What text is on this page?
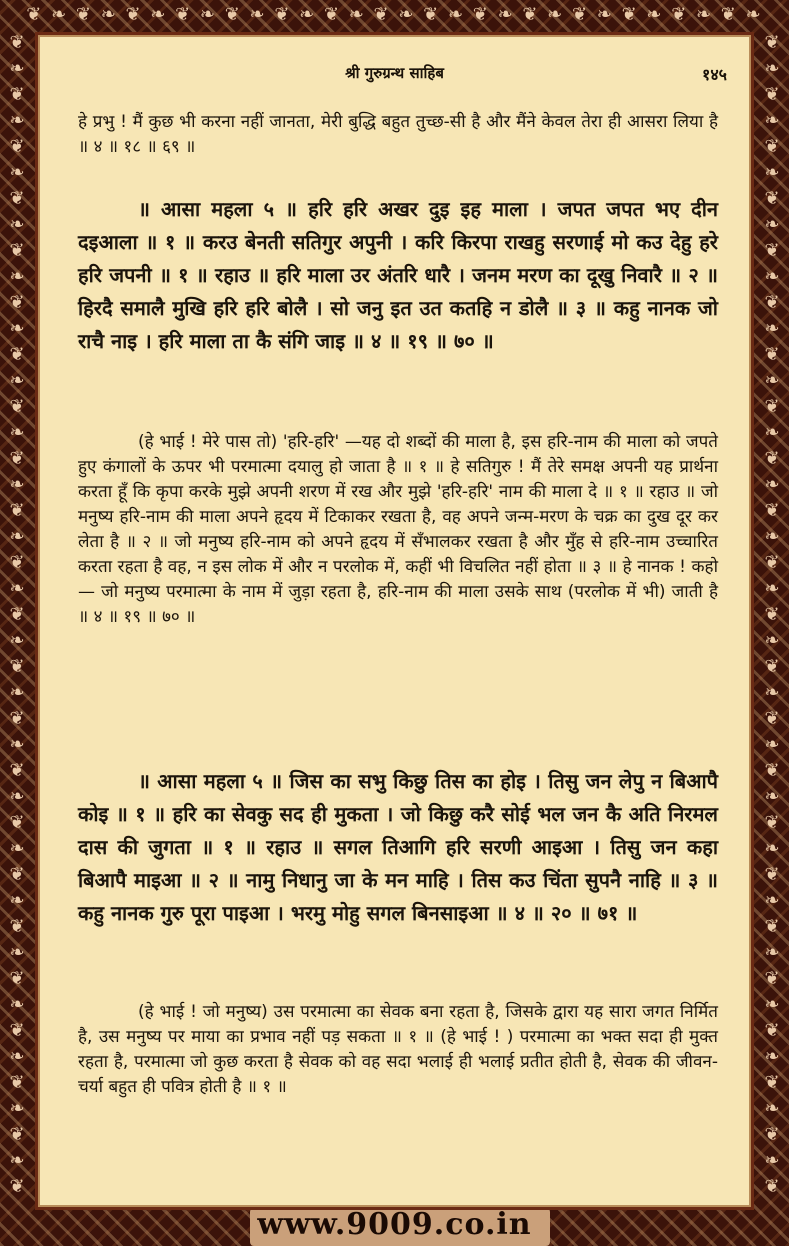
❦ ❧ ❦ ❧ ❦ ❧ ❦ ❧ ❦ ❧ ❦ ❧ ❦ ❧ ❦ ❧ ❦ ❧ ❦ ❧ ❦ ❧ ❦ ❧ ❦ ❧ ❦ ❧ ❦ ❧
❦
❧
❦
❧
❦
❧
❦
❧
❦
❧
❦
❧
❦
❧
❦
❧
❦
❧
❦
❧
❦
❧
❦
❧
❦
❧
❦
❧
❦
❧
❦
❧
❦
❧
❦
❧
❦
❧
❦
❧
❦
❧
❦
❧
❦
❦
❧
❦
❧
❦
❧
❦
❧
❦
❧
❦
❧
❦
❧
❦
❧
❦
❧
❦
❧
❦
❧
❦
❧
❦
❧
❦
❧
❦
❧
❦
❧
❦
❧
❦
❧
❦
❧
❦
❧
❦
❧
❦
❧
❦
श्री गुरुग्रन्थ साहिब	१४५
हे प्रभु ! मैं कुछ भी करना नहीं जानता, मेरी बुद्धि बहुत तुच्छ-सी है और मैंने केवल तेरा ही आसरा लिया है ॥ ४ ॥ १८ ॥ ६९ ॥
॥ आसा महला ५ ॥ हरि हरि अखर दुइ इह माला । जपत जपत भए दीन दइआला ॥ १ ॥ करउ बेनती सतिगुर अपुनी । करि किरपा राखहु सरणाई मो कउ देहु हरे हरि जपनी ॥ १ ॥ रहाउ ॥ हरि माला उर अंतरि धारै । जनम मरण का दूखु निवारै ॥ २ ॥ हिरदै समालै मुखि हरि हरि बोलै । सो जनु इत उत कतहि न डोलै ॥ ३ ॥ कहु नानक जो राचै नाइ । हरि माला ता कै संगि जाइ ॥ ४ ॥ १९ ॥ ७० ॥
(हे भाई ! मेरे पास तो) 'हरि-हरि' —यह दो शब्दों की माला है, इस हरि-नाम की माला को जपते हुए कंगालों के ऊपर भी परमात्मा दयालु हो जाता है ॥ १ ॥ हे सतिगुरु ! मैं तेरे समक्ष अपनी यह प्रार्थना करता हूँ कि कृपा करके मुझे अपनी शरण में रख और मुझे 'हरि-हरि' नाम की माला दे ॥ १ ॥ रहाउ ॥ जो मनुष्य हरि-नाम की माला अपने हृदय में टिकाकर रखता है, वह अपने जन्म-मरण के चक्र का दुख दूर कर लेता है ॥ २ ॥ जो मनुष्य हरि-नाम को अपने हृदय में सँभालकर रखता है और मुँह से हरि-नाम उच्चारित करता रहता है वह, न इस लोक में और न परलोक में, कहीं भी विचलित नहीं होता ॥ ३ ॥ हे नानक ! कहो— जो मनुष्य परमात्मा के नाम में जुड़ा रहता है, हरि-नाम की माला उसके साथ (परलोक में भी) जाती है ॥ ४ ॥ १९ ॥ ७० ॥
॥ आसा महला ५ ॥ जिस का सभु किछु तिस का होइ । तिसु जन लेपु न बिआपै कोइ ॥ १ ॥ हरि का सेवकु सद ही मुकता । जो किछु करै सोई भल जन कै अति निरमल दास की जुगता ॥ १ ॥ रहाउ ॥ सगल तिआगि हरि सरणी आइआ । तिसु जन कहा बिआपै माइआ ॥ २ ॥ नामु निधानु जा के मन माहि । तिस कउ चिंता सुपनै नाहि ॥ ३ ॥ कहु नानक गुरु पूरा पाइआ । भरमु मोहु सगल बिनसाइआ ॥ ४ ॥ २० ॥ ७१ ॥
(हे भाई ! जो मनुष्य) उस परमात्मा का सेवक बना रहता है, जिसके द्वारा यह सारा जगत निर्मित है, उस मनुष्य पर माया का प्रभाव नहीं पड़ सकता ॥ १ ॥ (हे भाई ! ) परमात्मा का भक्त सदा ही मुक्त रहता है, परमात्मा जो कुछ करता है सेवक को वह सदा भलाई ही भलाई प्रतीत होती है, सेवक की जीवन-चर्या बहुत ही पवित्र होती है ॥ १ ॥
www.9009.co.in
